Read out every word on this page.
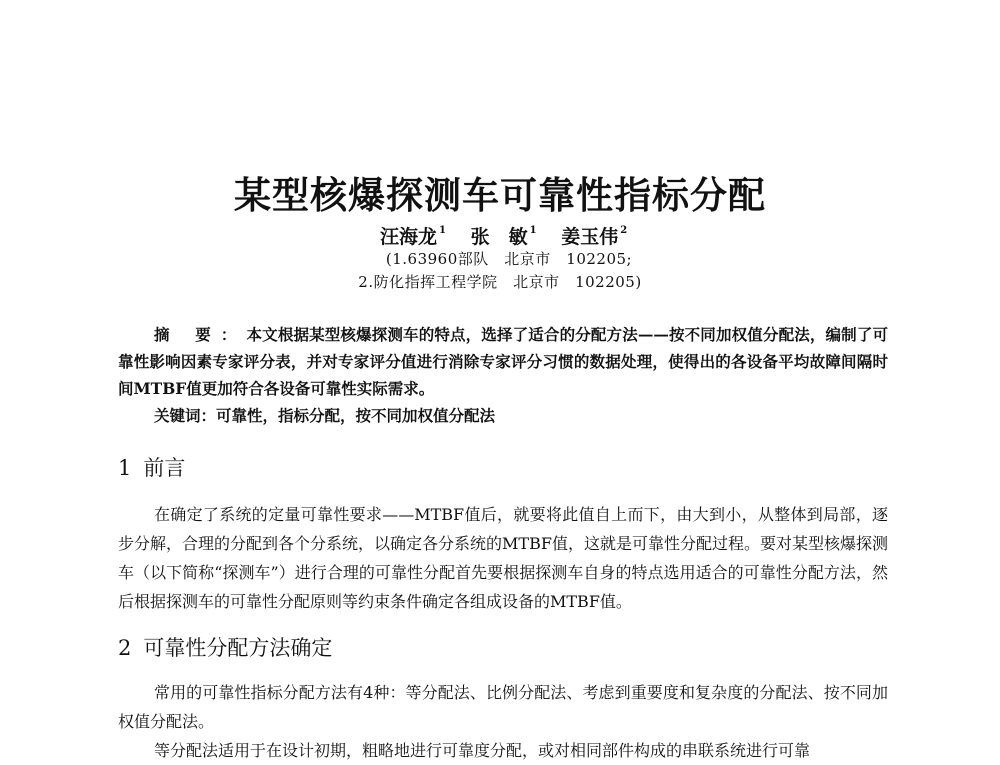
某型核爆探测车可靠性指标分配
汪海龙 $^1$ 张　敏 $^1$ 姜玉伟 $^2$
(1.63960部队　北京市　102205;
2.防化指挥工程学院　北京市　102205)

摘 要：本文根据某型核爆探测车的特点，选择了适合的分配方法——按不同加权值分配法，编制了可靠性影响因素专家评分表，并对专家评分值进行消除专家评分习惯的数据处理，使得出的各设备平均故障间隔时间MTBF值更加符合各设备可靠性实际需求。

关键词：可靠性，指标分配，按不同加权值分配法

1 前言

在确定了系统的定量可靠性要求——MTBF值后，就要将此值自上而下，由大到小，从整体到局部，逐步分解，合理的分配到各个分系统，以确定各分系统的MTBF值，这就是可靠性分配过程。要对某型核爆探测车（以下简称“探测车”）进行合理的可靠性分配首先要根据探测车自身的特点选用适合的可靠性分配方法，然后根据探测车的可靠性分配原则等约束条件确定各组成设备的MTBF值。

2 可靠性分配方法确定

常用的可靠性指标分配方法有4种：等分配法、比例分配法、考虑到重要度和复杂度的分配法、按不同加权值分配法。

等分配法适用于在设计初期，粗略地进行可靠度分配，或对相同部件构成的串联系统进行可靠
